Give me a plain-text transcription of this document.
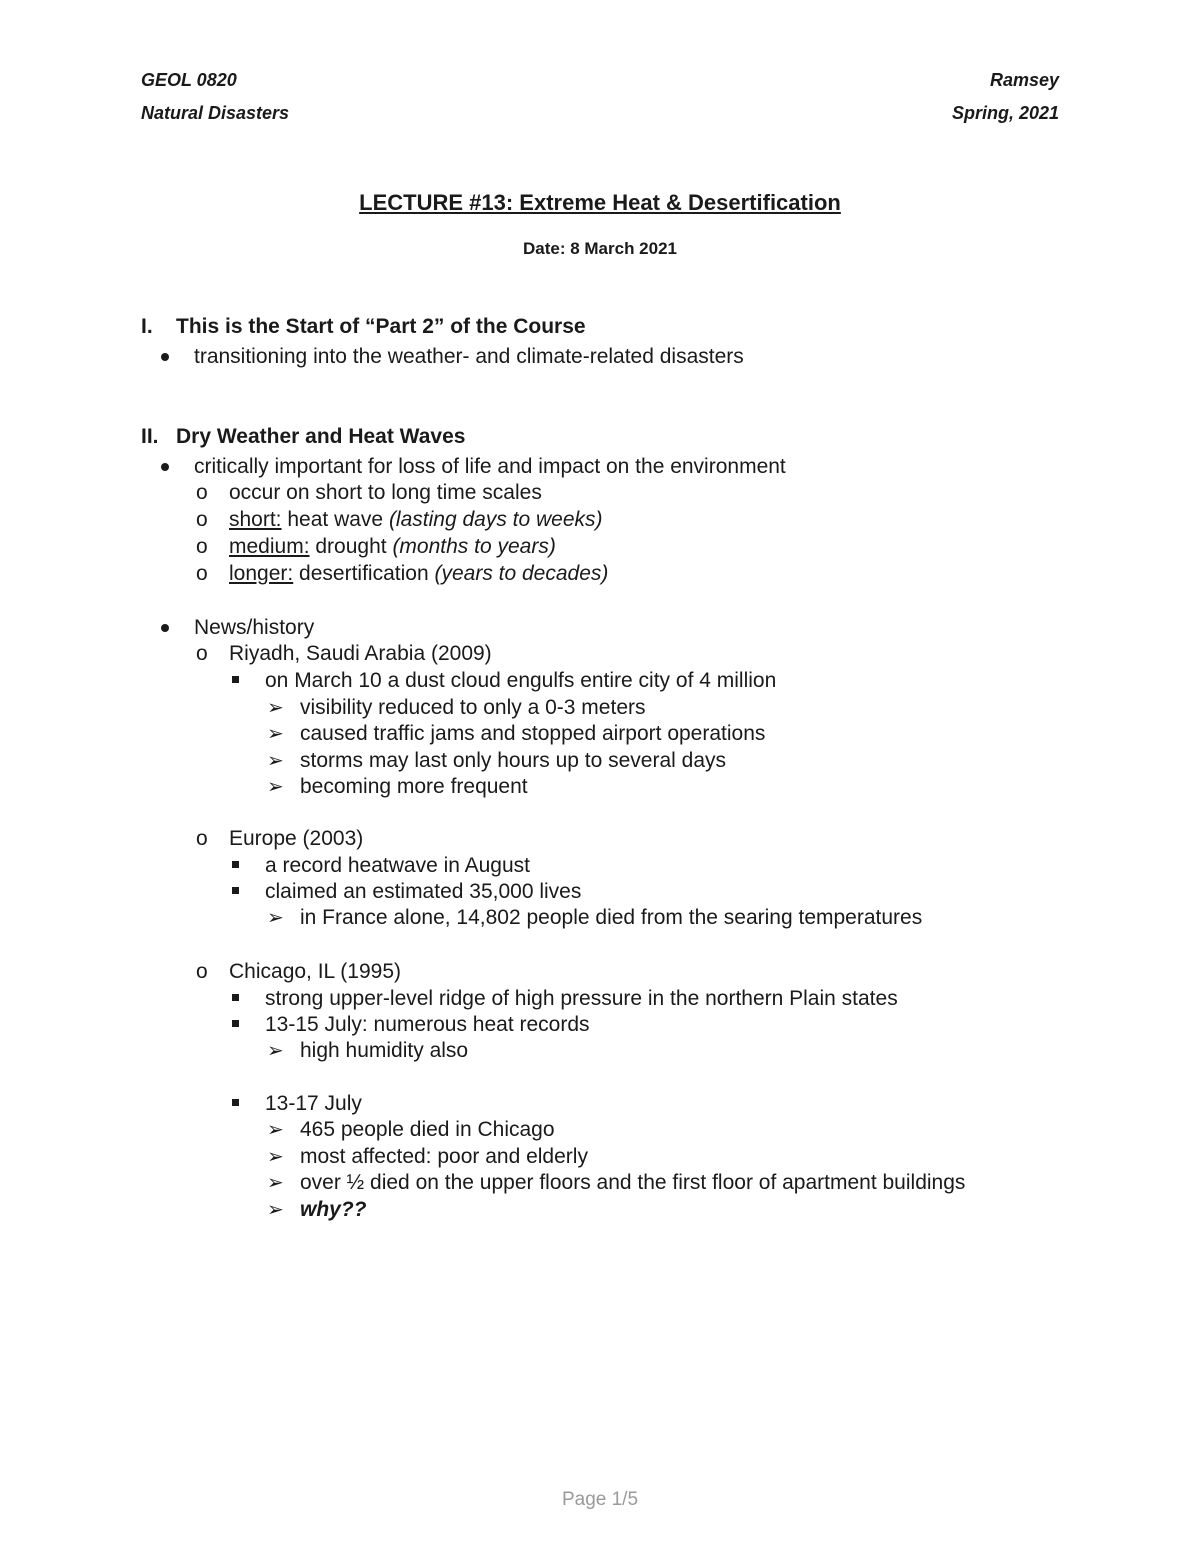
GEOL 0820
Natural Disasters
Ramsey
Spring, 2021
LECTURE #13: Extreme Heat & Desertification
Date: 8 March 2021
I. This is the Start of “Part 2” of the Course
transitioning into the weather- and climate-related disasters
II. Dry Weather and Heat Waves
critically important for loss of life and impact on the environment
o occur on short to long time scales
o short: heat wave (lasting days to weeks)
o medium: drought (months to years)
o longer: desertification (years to decades)
News/history
o Riyadh, Saudi Arabia (2009)
on March 10 a dust cloud engulfs entire city of 4 million
➢ visibility reduced to only a 0-3 meters
➢ caused traffic jams and stopped airport operations
➢ storms may last only hours up to several days
➢ becoming more frequent
o Europe (2003)
a record heatwave in August
claimed an estimated 35,000 lives
➢ in France alone, 14,802 people died from the searing temperatures
o Chicago, IL (1995)
strong upper-level ridge of high pressure in the northern Plain states
13-15 July: numerous heat records
➢ high humidity also
13-17 July
➢ 465 people died in Chicago
➢ most affected: poor and elderly
➢ over ½ died on the upper floors and the first floor of apartment buildings
➢ why??
Page 1/5
